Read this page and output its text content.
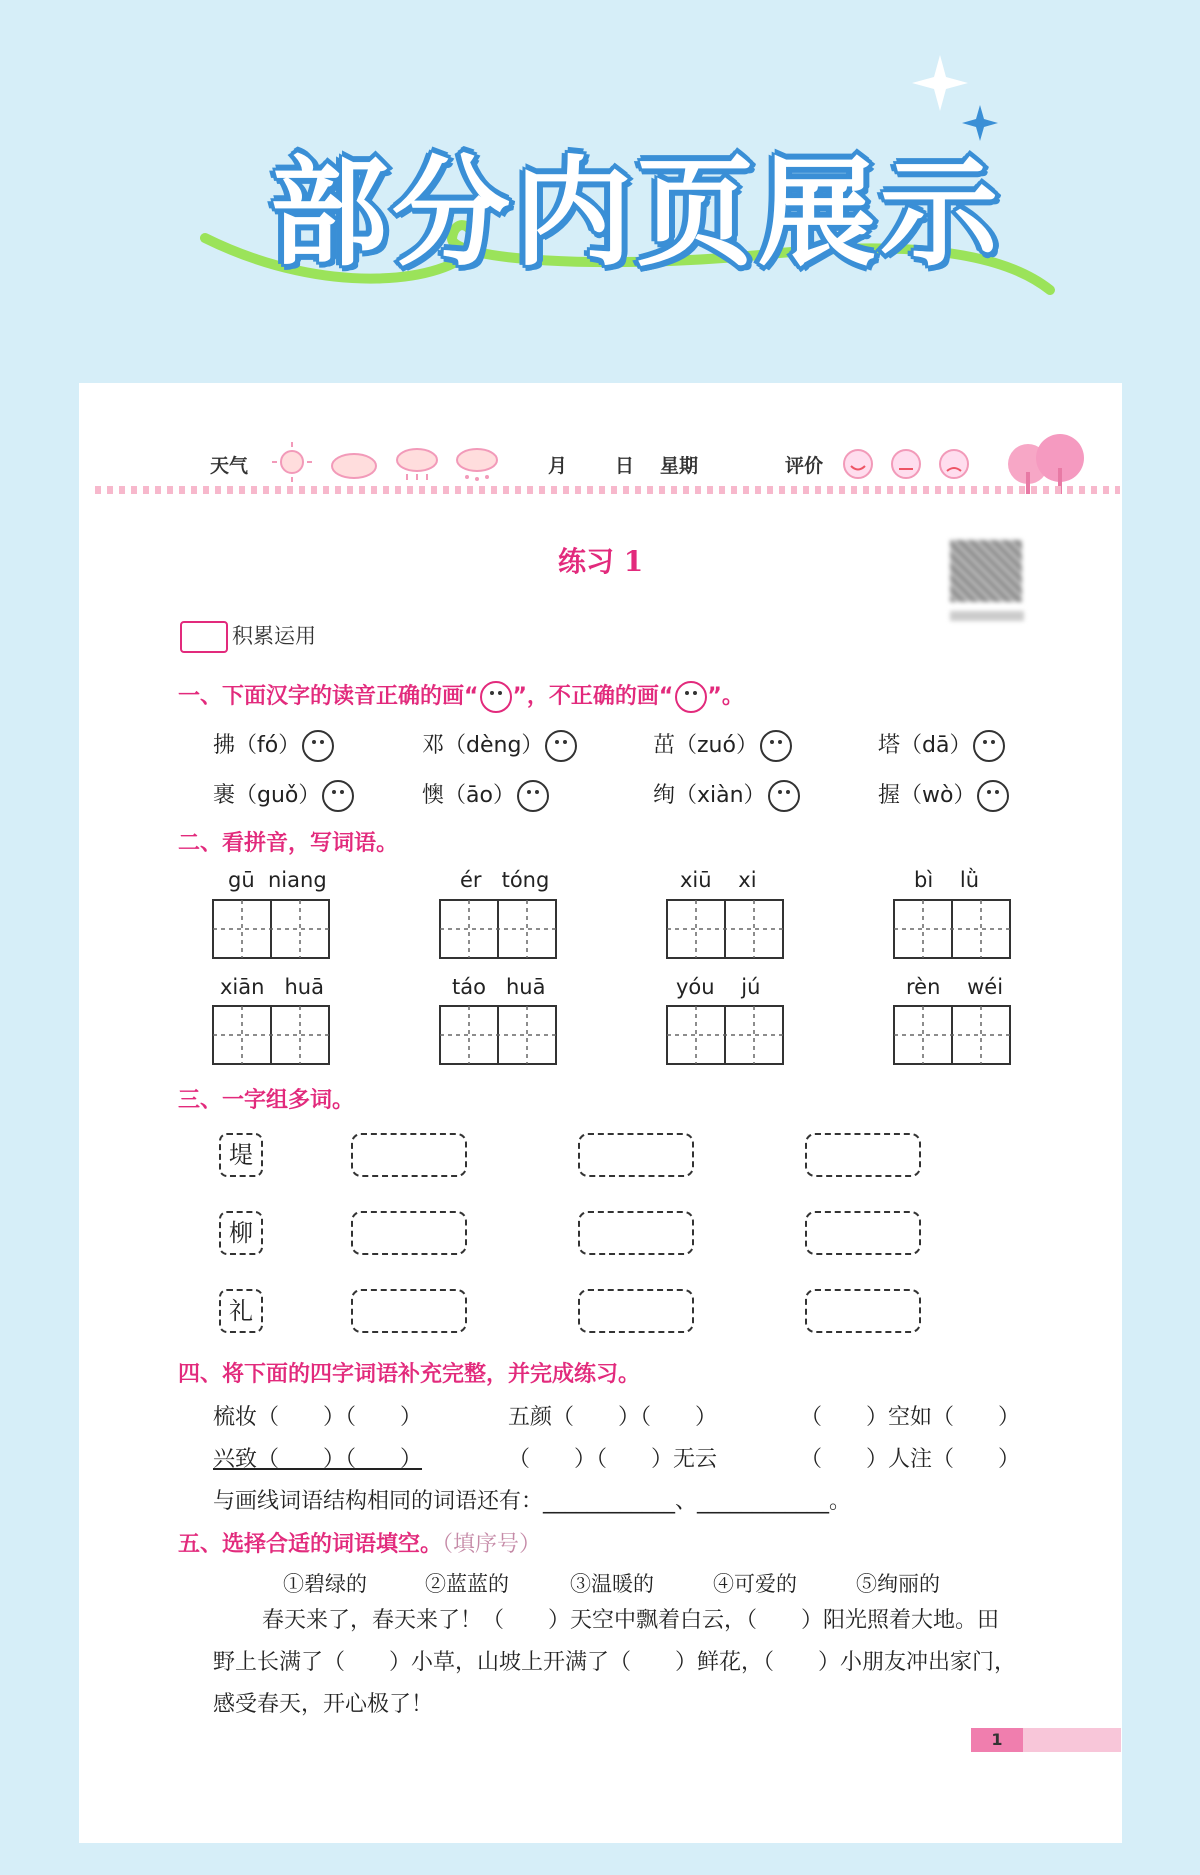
部分内页展示
天气	月	日 星期	评价
练习 1
积累运用
一、下面汉字的读音正确的画“ ”，不正确的画“ ”。
拂（fó）	邓（dèng）	茁（zuó）	塔（dā）
裹（guǒ）	懊（āo）	绚（xiàn）	握（wò）
二、看拼音，写词语。
gū niang	ér tóng	xiū xi	bì lǜ
xiān huā	táo huā	yóu jú	rèn wéi
三、一字组多词。
堤
柳
礼
四、将下面的四字词语补充完整，并完成练习。
梳妆（　　）（　　）	五颜（　　）（　　）	（　　）空如（　　）
兴致（　　）（　　）	（　　）（　　）无云	（　　）人注（　　）
与画线词语结构相同的词语还有：____________、____________。
五、选择合适的词语填空。（填序号）
①碧绿的	②蓝蓝的	③温暖的	④可爱的	⑤绚丽的
春天来了，春天来了！（　　）天空中飘着白云，（　　）阳光照着大地。田
野上长满了（　　）小草，山坡上开满了（　　）鲜花，（　　）小朋友冲出家门，
感受春天，开心极了！
1
